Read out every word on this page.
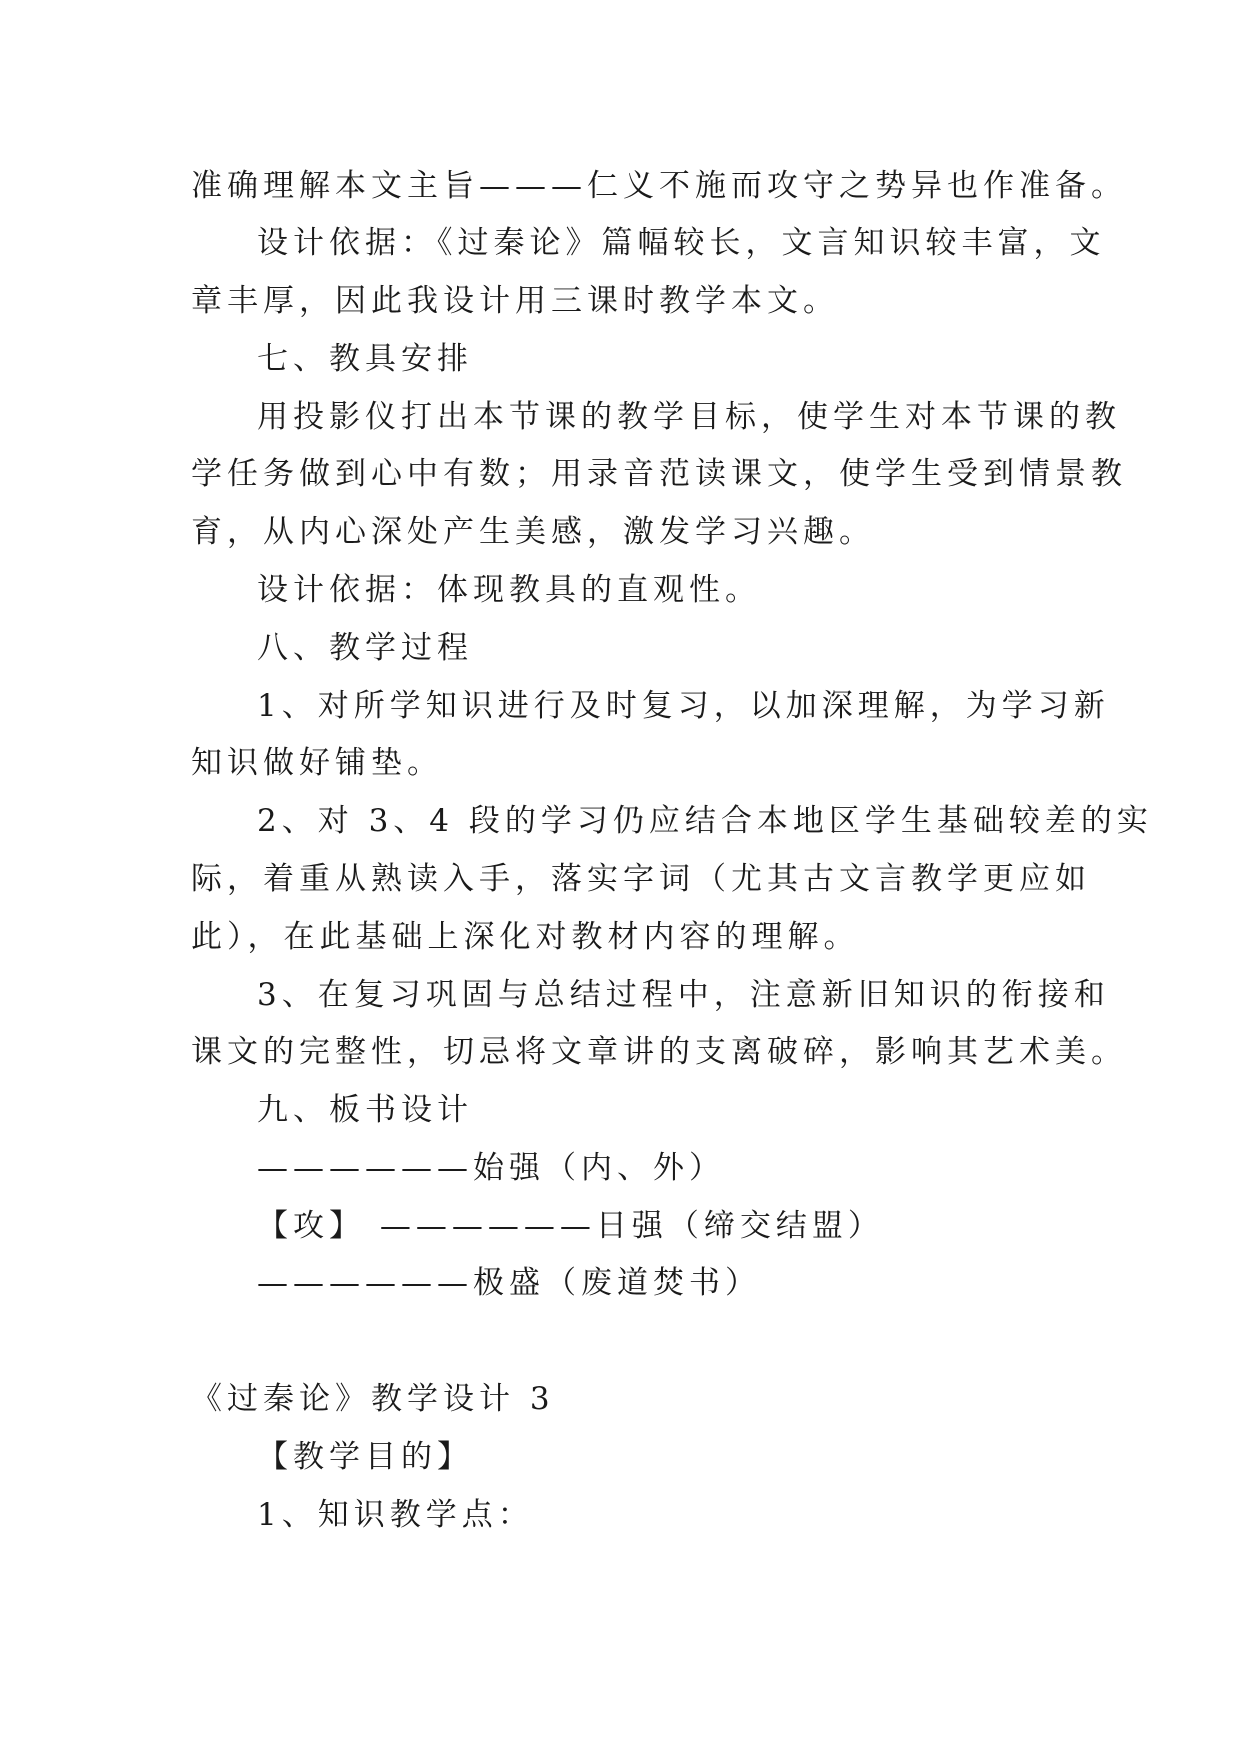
准确理解本文主旨———仁义不施而攻守之势异也作准备。
设计依据：《过秦论》篇幅较长，文言知识较丰富，文
章丰厚，因此我设计用三课时教学本文。
七、教具安排
用投影仪打出本节课的教学目标，使学生对本节课的教
学任务做到心中有数；用录音范读课文，使学生受到情景教
育，从内心深处产生美感，激发学习兴趣。
设计依据：体现教具的直观性。
八、教学过程
1、对所学知识进行及时复习，以加深理解，为学习新
知识做好铺垫。
2、对 3、4 段的学习仍应结合本地区学生基础较差的实
际，着重从熟读入手，落实字词（尤其古文言教学更应如
此），在此基础上深化对教材内容的理解。
3、在复习巩固与总结过程中，注意新旧知识的衔接和
课文的完整性，切忌将文章讲的支离破碎，影响其艺术美。
九、板书设计
——————始强（内、外）
【攻】 ——————日强（缔交结盟）
——————极盛（废道焚书）
《过秦论》教学设计 3
【教学目的】
1、知识教学点：
